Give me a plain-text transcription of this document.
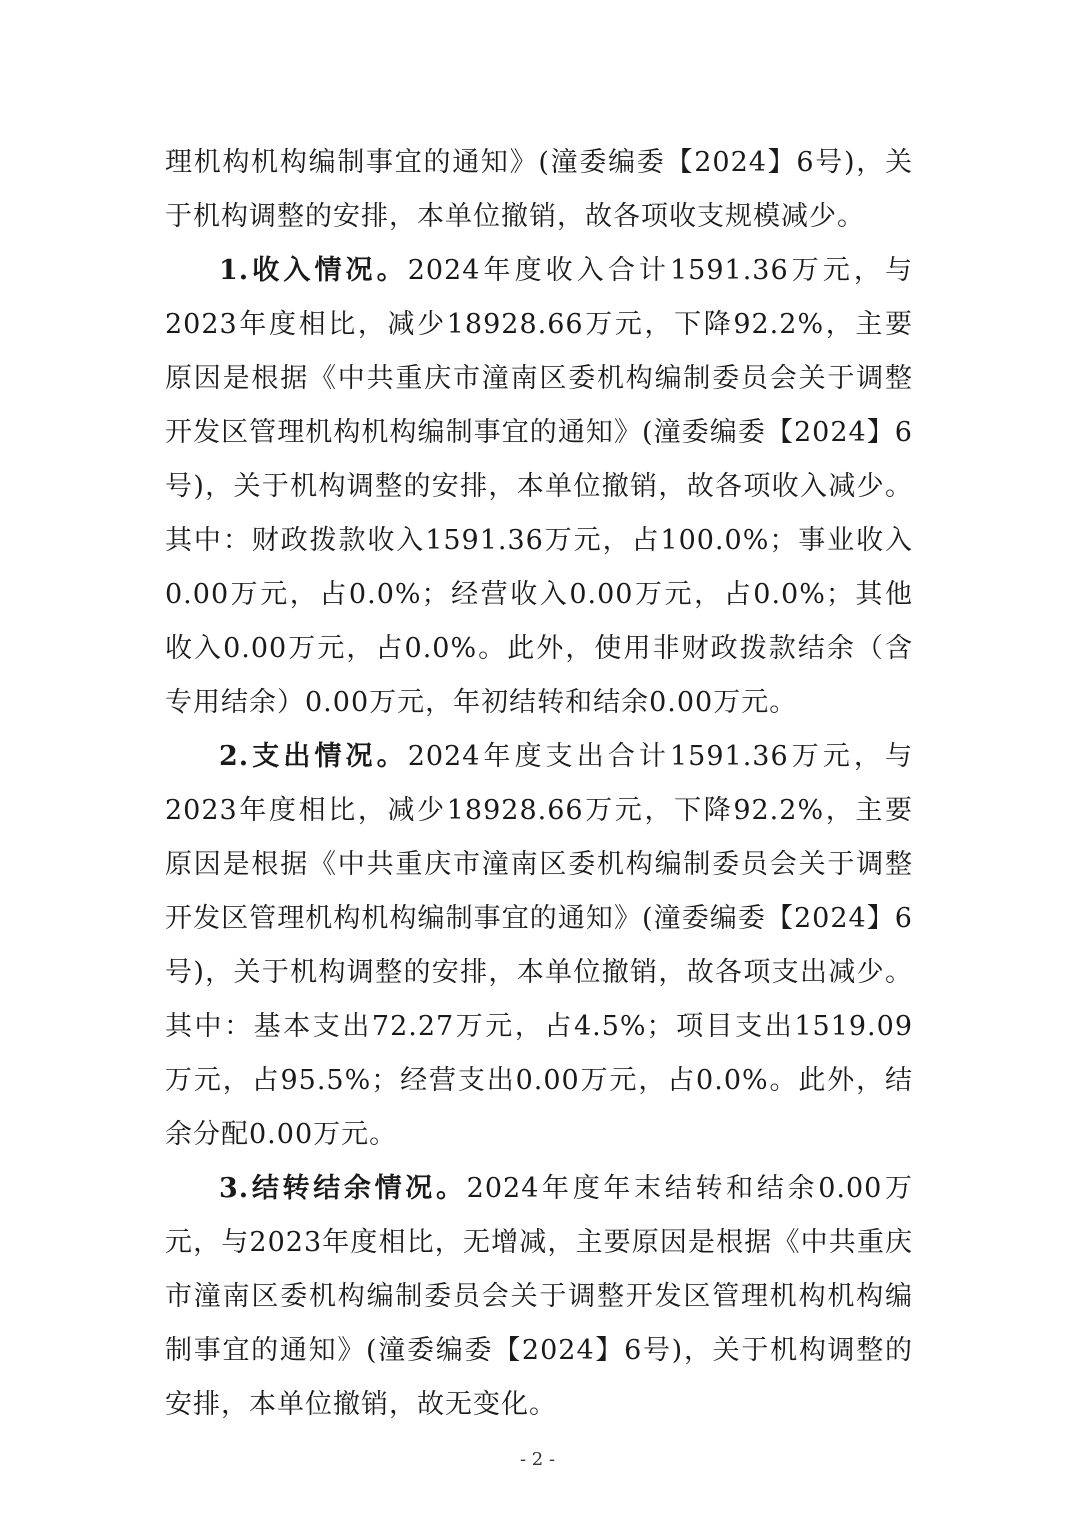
理机构机构编制事宜的通知》(潼委编委【2024】6号)，关于机构调整的安排，本单位撤销，故各项收支规模减少。

1.收入情况。2024年度收入合计1591.36万元，与2023年度相比，减少18928.66万元，下降92.2%，主要原因是根据《中共重庆市潼南区委机构编制委员会关于调整开发区管理机构机构编制事宜的通知》(潼委编委【2024】6号)，关于机构调整的安排，本单位撤销，故各项收入减少。其中：财政拨款收入1591.36万元，占100.0%；事业收入0.00万元，占0.0%；经营收入0.00万元，占0.0%；其他收入0.00万元，占0.0%。此外，使用非财政拨款结余（含专用结余）0.00万元，年初结转和结余0.00万元。

2.支出情况。2024年度支出合计1591.36万元，与2023年度相比，减少18928.66万元，下降92.2%，主要原因是根据《中共重庆市潼南区委机构编制委员会关于调整开发区管理机构机构编制事宜的通知》(潼委编委【2024】6号)，关于机构调整的安排，本单位撤销，故各项支出减少。其中：基本支出72.27万元，占4.5%；项目支出1519.09万元，占95.5%；经营支出0.00万元，占0.0%。此外，结余分配0.00万元。

3.结转结余情况。2024年度年末结转和结余0.00万元，与2023年度相比，无增减，主要原因是根据《中共重庆市潼南区委机构编制委员会关于调整开发区管理机构机构编制事宜的通知》(潼委编委【2024】6号)，关于机构调整的安排，本单位撤销，故无变化。

- 2 -
